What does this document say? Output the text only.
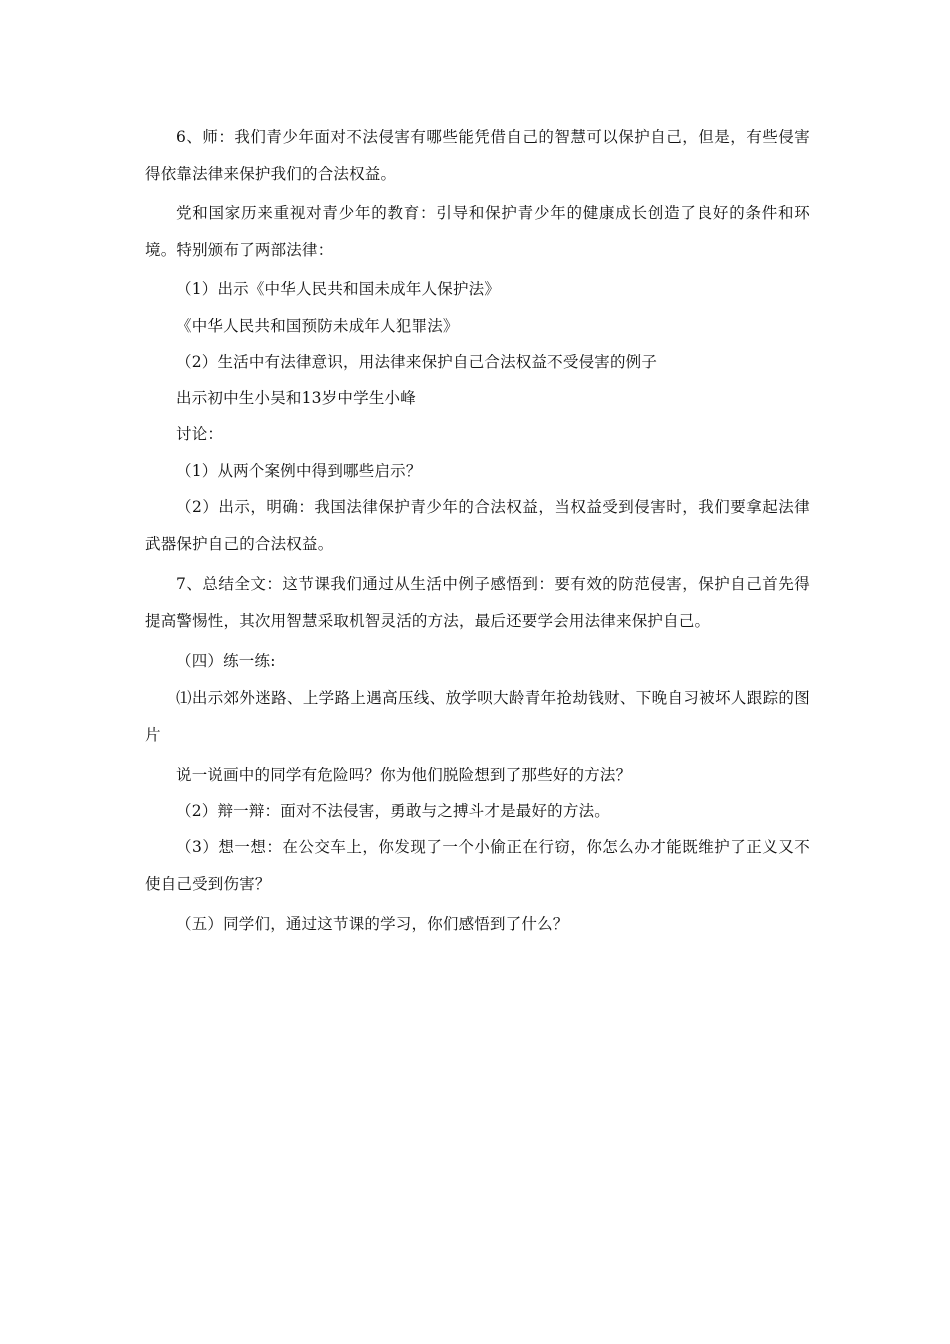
6、师：我们青少年面对不法侵害有哪些能凭借自己的智慧可以保护自己，但是，有些侵害得依靠法律来保护我们的合法权益。

党和国家历来重视对青少年的教育：引导和保护青少年的健康成长创造了良好的条件和环境。特别颁布了两部法律：

（1）出示《中华人民共和国未成年人保护法》

《中华人民共和国预防未成年人犯罪法》

（2）生活中有法律意识，用法律来保护自己合法权益不受侵害的例子

出示初中生小吴和13岁中学生小峰

讨论：

（1）从两个案例中得到哪些启示？

（2）出示，明确：我国法律保护青少年的合法权益，当权益受到侵害时，我们要拿起法律武器保护自己的合法权益。

7、总结全文：这节课我们通过从生活中例子感悟到：要有效的防范侵害，保护自己首先得提高警惕性，其次用智慧采取机智灵活的方法，最后还要学会用法律来保护自己。

（四）练一练:

⑴出示郊外迷路、上学路上遇高压线、放学呗大龄青年抢劫钱财、下晚自习被坏人跟踪的图片

说一说画中的同学有危险吗？你为他们脱险想到了那些好的方法？

（2）辩一辩：面对不法侵害，勇敢与之搏斗才是最好的方法。

（3）想一想：在公交车上，你发现了一个小偷正在行窃，你怎么办才能既维护了正义又不使自己受到伤害？

（五）同学们，通过这节课的学习，你们感悟到了什么？
